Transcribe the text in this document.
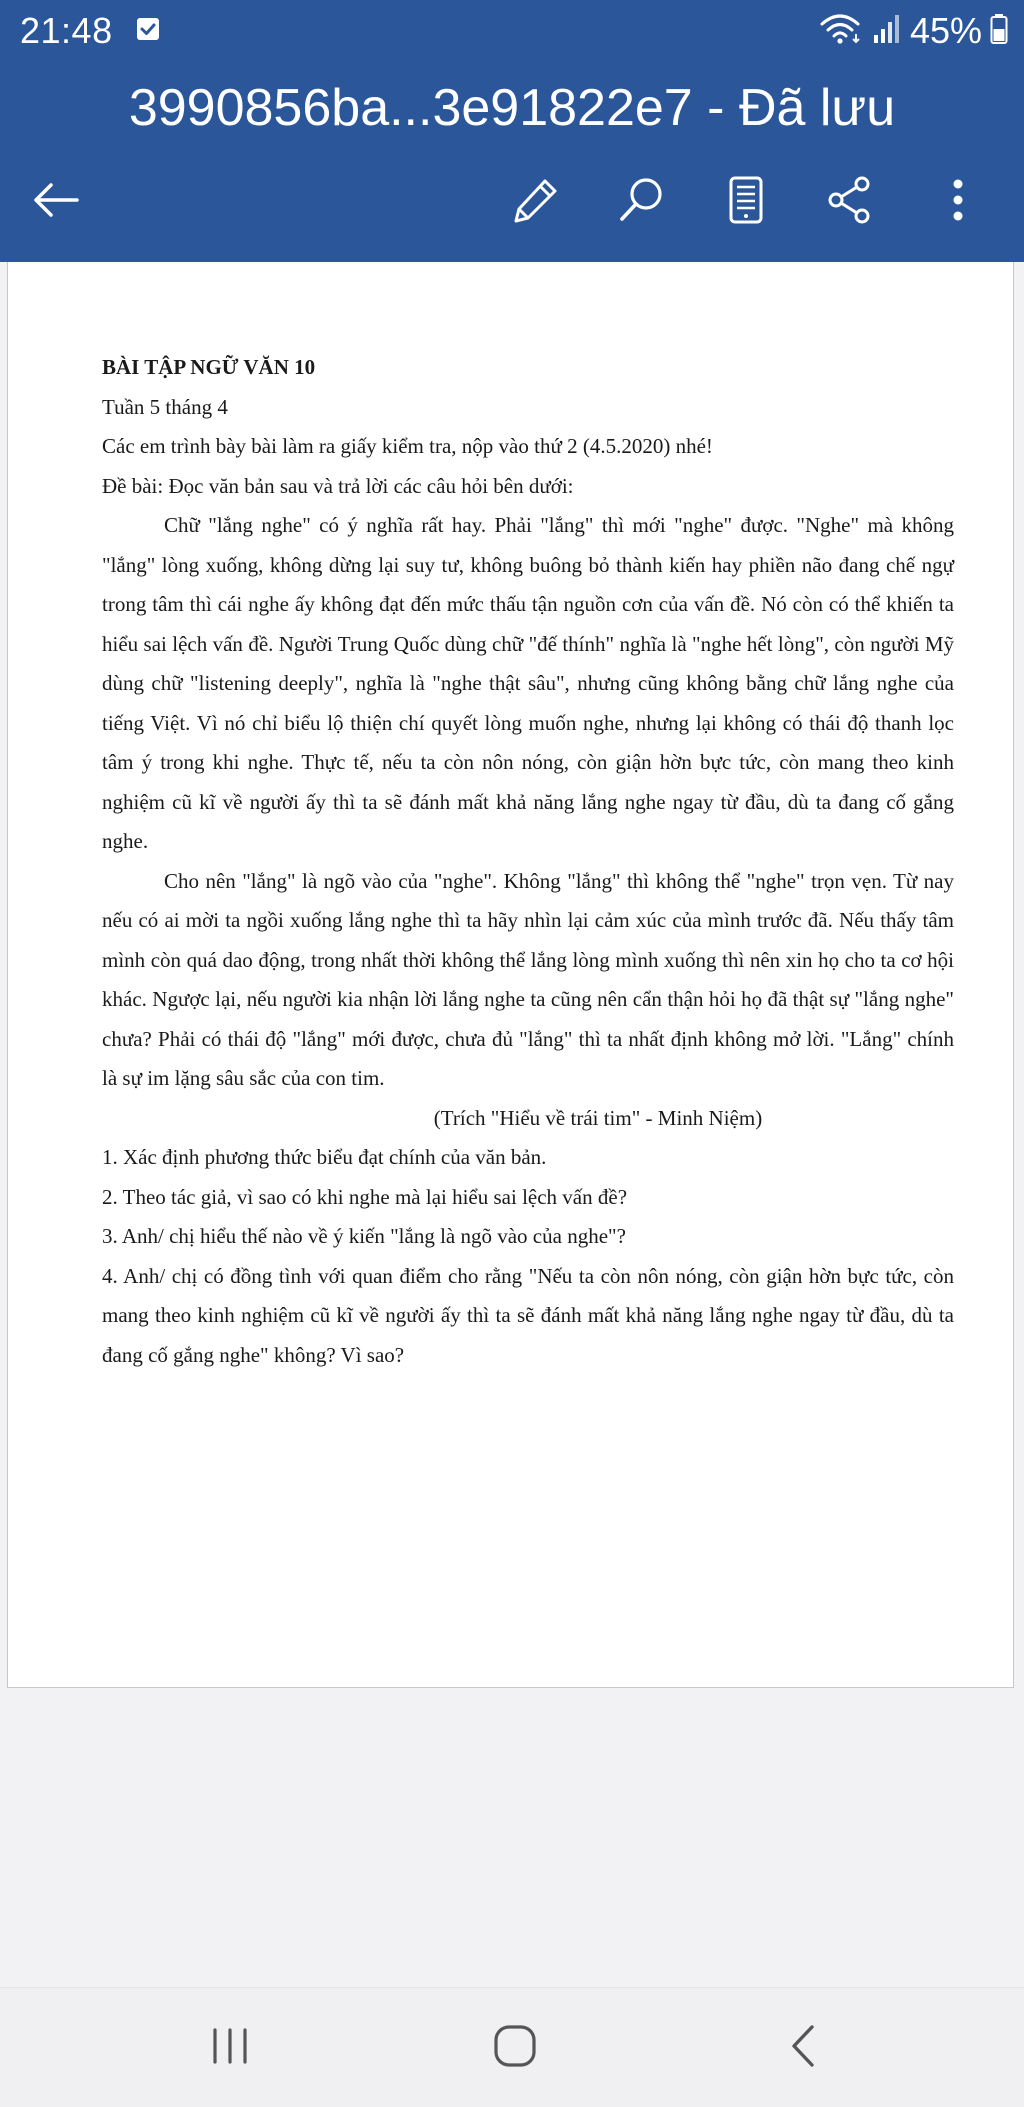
21:48	45%
3990856ba...3e91822e7 - Đã lưu

BÀI TẬP NGỮ VĂN 10

Tuần 5 tháng 4

Các em trình bày bài làm ra giấy kiểm tra, nộp vào thứ 2 (4.5.2020) nhé!

Đề bài: Đọc văn bản sau và trả lời các câu hỏi bên dưới:

Chữ "lắng nghe" có ý nghĩa rất hay. Phải "lắng" thì mới "nghe" được. "Nghe" mà không "lắng" lòng xuống, không dừng lại suy tư, không buông bỏ thành kiến hay phiền não đang chế ngự trong tâm thì cái nghe ấy không đạt đến mức thấu tận nguồn cơn của vấn đề. Nó còn có thể khiến ta hiểu sai lệch vấn đề. Người Trung Quốc dùng chữ "đế thính" nghĩa là "nghe hết lòng", còn người Mỹ dùng chữ "listening deeply", nghĩa là "nghe thật sâu", nhưng cũng không bằng chữ lắng nghe của tiếng Việt. Vì nó chỉ biểu lộ thiện chí quyết lòng muốn nghe, nhưng lại không có thái độ thanh lọc tâm ý trong khi nghe. Thực tế, nếu ta còn nôn nóng, còn giận hờn bực tức, còn mang theo kinh nghiệm cũ kĩ về người ấy thì ta sẽ đánh mất khả năng lắng nghe ngay từ đầu, dù ta đang cố gắng nghe.

Cho nên "lắng" là ngõ vào của "nghe". Không "lắng" thì không thể "nghe" trọn vẹn. Từ nay nếu có ai mời ta ngồi xuống lắng nghe thì ta hãy nhìn lại cảm xúc của mình trước đã. Nếu thấy tâm mình còn quá dao động, trong nhất thời không thể lắng lòng mình xuống thì nên xin họ cho ta cơ hội khác. Ngược lại, nếu người kia nhận lời lắng nghe ta cũng nên cẩn thận hỏi họ đã thật sự "lắng nghe" chưa? Phải có thái độ "lắng" mới được, chưa đủ "lắng" thì ta nhất định không mở lời. "Lắng" chính là sự im lặng sâu sắc của con tim.

(Trích "Hiểu về trái tim" - Minh Niệm)

1. Xác định phương thức biểu đạt chính của văn bản.

2. Theo tác giả, vì sao có khi nghe mà lại hiểu sai lệch vấn đề?

3. Anh/ chị hiểu thế nào về ý kiến "lắng là ngõ vào của nghe"?

4. Anh/ chị có đồng tình với quan điểm cho rằng "Nếu ta còn nôn nóng, còn giận hờn bực tức, còn mang theo kinh nghiệm cũ kĩ về người ấy thì ta sẽ đánh mất khả năng lắng nghe ngay từ đầu, dù ta đang cố gắng nghe" không? Vì sao?
